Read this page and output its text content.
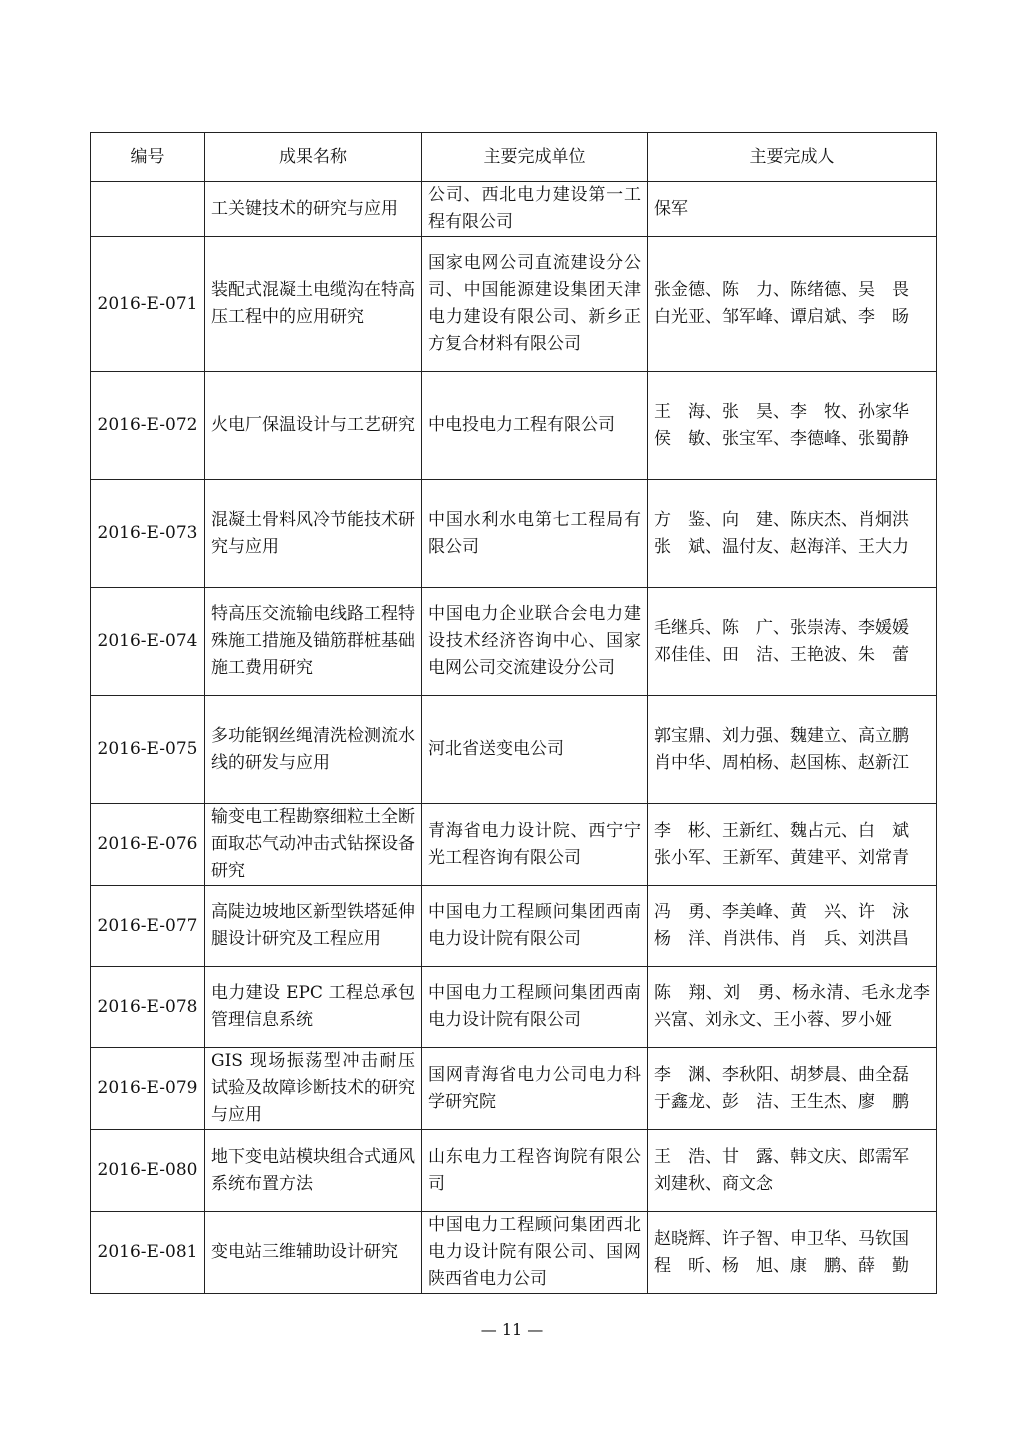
编号	成果名称	主要完成单位	主要完成人
	工关键技术的研究与应用	公司、西北电力建设第一工程有限公司	保军

2016-E-071	装配式混凝土电缆沟在特高压工程中的应用研究	国家电网公司直流建设分公司、中国能源建设集团天津电力建设有限公司、新乡正方复合材料有限公司	张金德、陈　力、陈绪德、吴　畏
白光亚、邹军峰、谭启斌、李　旸

2016-E-072	火电厂保温设计与工艺研究	中电投电力工程有限公司	王　海、张　昊、李　牧、孙家华
侯　敏、张宝军、李德峰、张蜀静

2016-E-073	混凝土骨料风冷节能技术研究与应用	中国水利水电第七工程局有限公司	方　鉴、向　建、陈庆杰、肖炯洪
张　斌、温付友、赵海洋、王大力

2016-E-074	特高压交流输电线路工程特殊施工措施及锚筋群桩基础施工费用研究	中国电力企业联合会电力建设技术经济咨询中心、国家电网公司交流建设分公司	毛继兵、陈　广、张崇涛、李媛媛
邓佳佳、田　洁、王艳波、朱　蕾

2016-E-075	多功能钢丝绳清洗检测流水线的研发与应用	河北省送变电公司	郭宝鼎、刘力强、魏建立、高立鹏
肖中华、周柏杨、赵国栋、赵新江

2016-E-076	输变电工程勘察细粒土全断面取芯气动冲击式钻探设备研究	青海省电力设计院、西宁宁光工程咨询有限公司	李　彬、王新红、魏占元、白　斌
张小军、王新军、黄建平、刘常青

2016-E-077	高陡边坡地区新型铁塔延伸腿设计研究及工程应用	中国电力工程顾问集团西南电力设计院有限公司	冯　勇、李美峰、黄　兴、许　泳
杨　洋、肖洪伟、肖　兵、刘洪昌

2016-E-078	电力建设 EPC 工程总承包管理信息系统	中国电力工程顾问集团西南电力设计院有限公司	陈　翔、刘　勇、杨永清、毛永龙李兴富、刘永文、王小蓉、罗小娅

2016-E-079	GIS 现场振荡型冲击耐压试验及故障诊断技术的研究与应用	国网青海省电力公司电力科学研究院	李　渊、李秋阳、胡梦晨、曲全磊
于鑫龙、彭　洁、王生杰、廖　鹏

2016-E-080	地下变电站模块组合式通风系统布置方法	山东电力工程咨询院有限公司	王　浩、甘　露、韩文庆、郎需军
刘建秋、商文念

2016-E-081	变电站三维辅助设计研究	中国电力工程顾问集团西北电力设计院有限公司、国网陕西省电力公司	赵晓辉、许子智、申卫华、马钦国
程　昕、杨　旭、康　鹏、薛　勤
— 11 —
